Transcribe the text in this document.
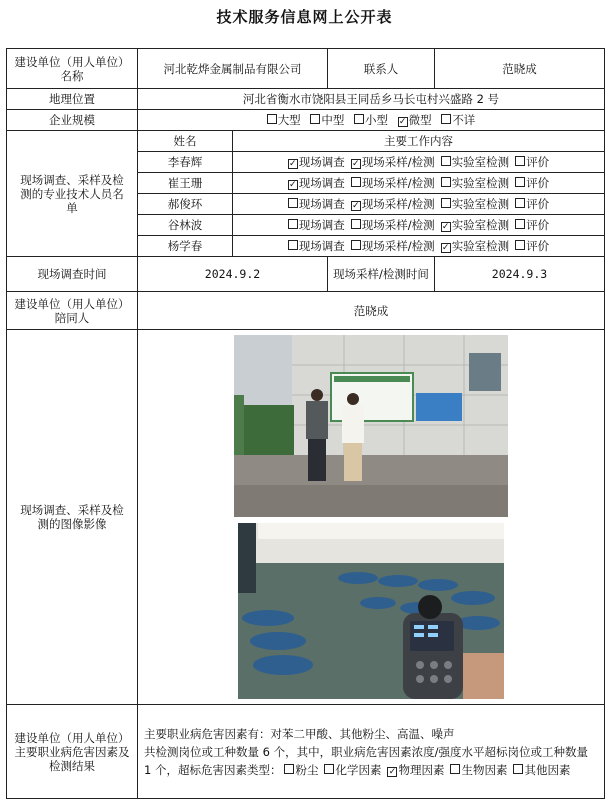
技术服务信息网上公开表
建设单位（用人单位）名称	河北乾烨金属制品有限公司		联系人	范晓成
地理位置	河北省衡水市饶阳县王同岳乡马长屯村兴盛路 2 号			
企业规模	大型 中型 小型 ✓ 微型 不详			
现场调查、采样及检测的专业技术人员名单	姓名	主要工作内容		
	李春辉	✓ 现场调查 ✓ 现场采样/检测 实验室检测 评价		
	崔王珊	✓ 现场调查 现场采样/检测 实验室检测 评价		
	郝俊环	现场调查 ✓ 现场采样/检测 实验室检测 评价		
	谷林波	现场调查 现场采样/检测 ✓ 实验室检测 评价		
	杨学春	现场调查 现场采样/检测 ✓ 实验室检测 评价		
现场调查时间	2024.9.2		现场采样/检测时间	2024.9.3
建设单位（用人单位）陪同人	范晓成			
现场调查、采样及检测的图像影像	

建设单位（用人单位）主要职业病危害因素及检测结果	主要职业病危害因素有：对苯二甲酸、其他粉尘、高温、噪声
共检测岗位或工种数量 6 个，其中，职业病危害因素浓度/强度水平超标岗位或工种数量 1 个，超标危害因素类型： 粉尘 化学因素 ✓ 物理因素 生物因素 其他因素			
